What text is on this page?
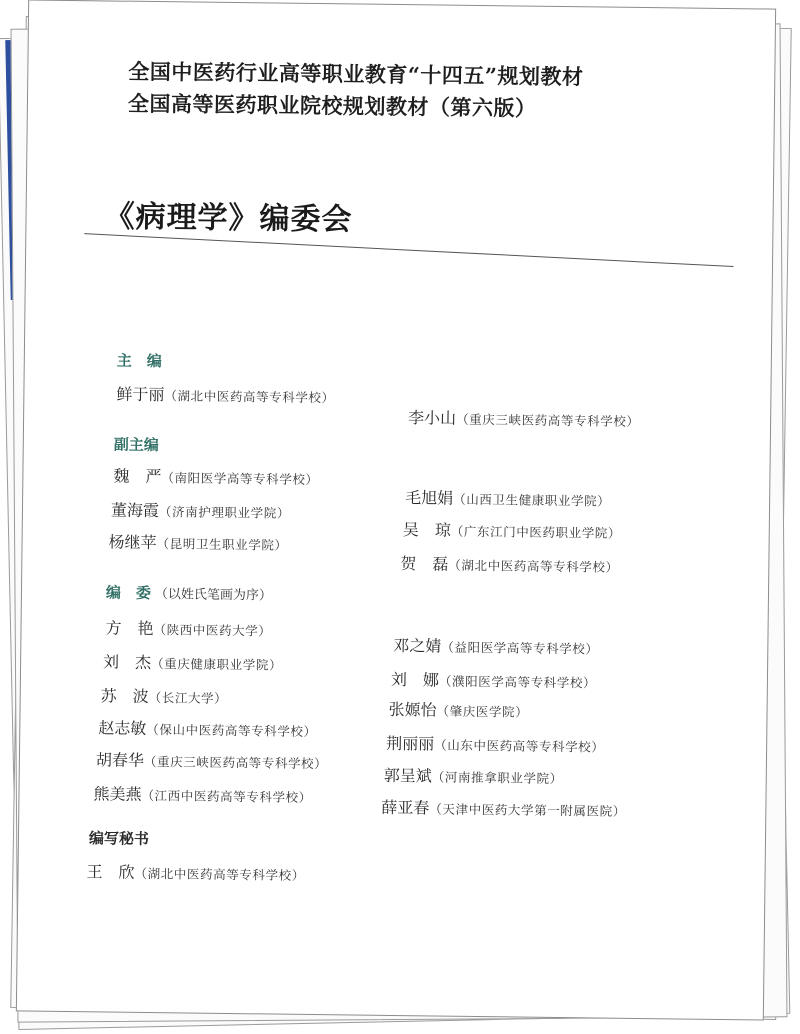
全国中医药行业高等职业教育“十四五”规划教材
全国高等医药职业院校规划教材（第六版）
《病理学》编委会
主　编
鲜于丽（湖北中医药高等专科学校）
李小山（重庆三峡医药高等专科学校）
副主编
魏　严（南阳医学高等专科学校）
毛旭娟（山西卫生健康职业学院）
董海霞（济南护理职业学院）
吴　琼（广东江门中医药职业学院）
杨继苹（昆明卫生职业学院）
贺　磊（湖北中医药高等专科学校）
编　委 （以姓氏笔画为序）
方　艳（陕西中医药大学）
邓之婧（益阳医学高等专科学校）
刘　杰（重庆健康职业学院）
刘　娜（濮阳医学高等专科学校）
苏　波（长江大学）
张嫄怡（肇庆医学院）
赵志敏（保山中医药高等专科学校）
荆丽丽（山东中医药高等专科学校）
胡春华（重庆三峡医药高等专科学校）
郭呈斌（河南推拿职业学院）
熊美燕（江西中医药高等专科学校）
薛亚春（天津中医药大学第一附属医院）
编写秘书
王　欣（湖北中医药高等专科学校）
